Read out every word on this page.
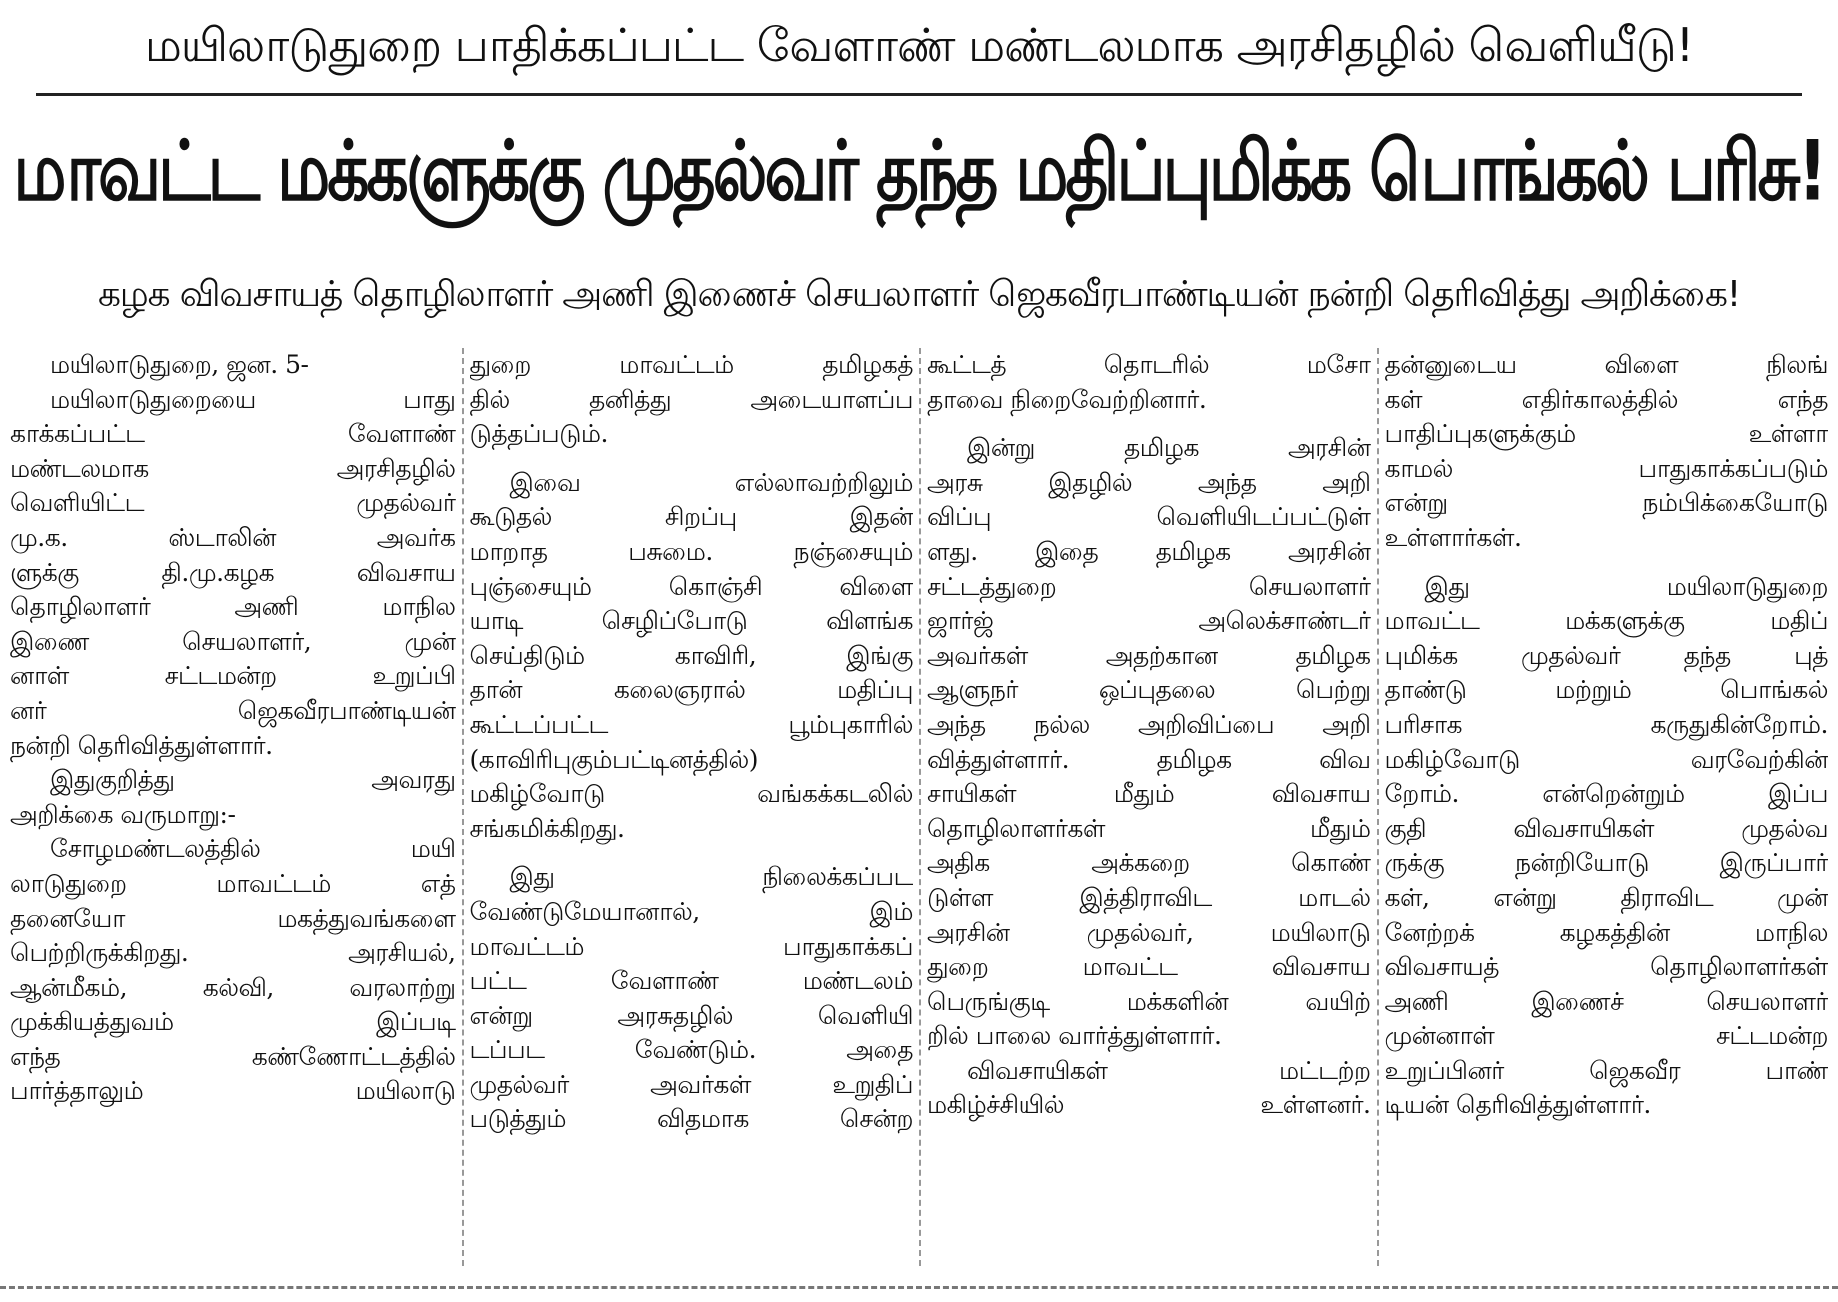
மயிலாடுதுறை பாதிக்கப்பட்ட வேளாண் மண்டலமாக அரசிதழில் வெளியீடு!
மாவட்ட மக்களுக்கு முதல்வர் தந்த மதிப்புமிக்க பொங்கல் பரிசு!
கழக விவசாயத் தொழிலாளர் அணி இணைச் செயலாளர் ஜெகவீரபாண்டியன் நன்றி தெரிவித்து அறிக்கை!
மயிலாடுதுறை, ஜன. 5-
மயிலாடுதுறையை பாது
காக்கப்பட்ட வேளாண்
மண்டலமாக அரசிதழில்
வெளியிட்ட முதல்வர்
மு.க. ஸ்டாலின் அவர்க
ளுக்கு தி.மு.கழக விவசாய
தொழிலாளர் அணி மாநில
இணை செயலாளர், முன்
னாள் சட்டமன்ற உறுப்பி
னர் ஜெகவீரபாண்டியன்
நன்றி தெரிவித்துள்ளார்.
இதுகுறித்து அவரது
அறிக்கை வருமாறு:-
சோழமண்டலத்தில் மயி
லாடுதுறை மாவட்டம் எத்
தனையோ மகத்துவங்களை
பெற்றிருக்கிறது. அரசியல்,
ஆன்மீகம், கல்வி, வரலாற்று
முக்கியத்துவம் இப்படி
எந்த கண்ணோட்டத்தில்
பார்த்தாலும் மயிலாடு
துறை மாவட்டம் தமிழகத்
தில் தனித்து அடையாளப்ப
டுத்தப்படும்.
இவை எல்லாவற்றிலும்
கூடுதல் சிறப்பு இதன்
மாறாத பசுமை. நஞ்சையும்
புஞ்சையும் கொஞ்சி விளை
யாடி செழிப்போடு விளங்க
செய்திடும் காவிரி, இங்கு
தான் கலைஞரால் மதிப்பு
கூட்டப்பட்ட பூம்புகாரில்
(காவிரிபுகும்பட்டினத்தில்)
மகிழ்வோடு வங்கக்கடலில்
சங்கமிக்கிறது.
இது நிலைக்கப்பட
வேண்டுமேயானால், இம்
மாவட்டம் பாதுகாக்கப்
பட்ட வேளாண் மண்டலம்
என்று அரசுதழில் வெளியி
டப்பட வேண்டும். அதை
முதல்வர் அவர்கள் உறுதிப்
படுத்தும் விதமாக சென்ற
கூட்டத் தொடரில் மசோ
தாவை நிறைவேற்றினார்.
இன்று தமிழக அரசின்
அரசு இதழில் அந்த அறி
விப்பு வெளியிடப்பட்டுள்
ளது. இதை தமிழக அரசின்
சட்டத்துறை செயலாளர்
ஜார்ஜ் அலெக்சாண்டர்
அவர்கள் அதற்கான தமிழக
ஆளுநர் ஒப்புதலை பெற்று
அந்த நல்ல அறிவிப்பை அறி
வித்துள்ளார். தமிழக விவ
சாயிகள் மீதும் விவசாய
தொழிலாளர்கள் மீதும்
அதிக அக்கறை கொண்
டுள்ள இத்திராவிட மாடல்
அரசின் முதல்வர், மயிலாடு
துறை மாவட்ட விவசாய
பெருங்குடி மக்களின் வயிற்
றில் பாலை வார்த்துள்ளார்.
விவசாயிகள் மட்டற்ற
மகிழ்ச்சியில் உள்ளனர்.
தன்னுடைய விளை நிலங்
கள் எதிர்காலத்தில் எந்த
பாதிப்புகளுக்கும் உள்ளா
காமல் பாதுகாக்கப்படும்
என்று நம்பிக்கையோடு
உள்ளார்கள்.
இது மயிலாடுதுறை
மாவட்ட மக்களுக்கு மதிப்
புமிக்க முதல்வர் தந்த புத்
தாண்டு மற்றும் பொங்கல்
பரிசாக கருதுகின்றோம்.
மகிழ்வோடு வரவேற்கின்
றோம். என்றென்றும் இப்ப
குதி விவசாயிகள் முதல்வ
ருக்கு நன்றியோடு இருப்பார்
கள், என்று திராவிட முன்
னேற்றக் கழகத்தின் மாநில
விவசாயத் தொழிலாளர்கள்
அணி இணைச் செயலாளர்
முன்னாள் சட்டமன்ற
உறுப்பினர் ஜெகவீர பாண்
டியன் தெரிவித்துள்ளார்.
